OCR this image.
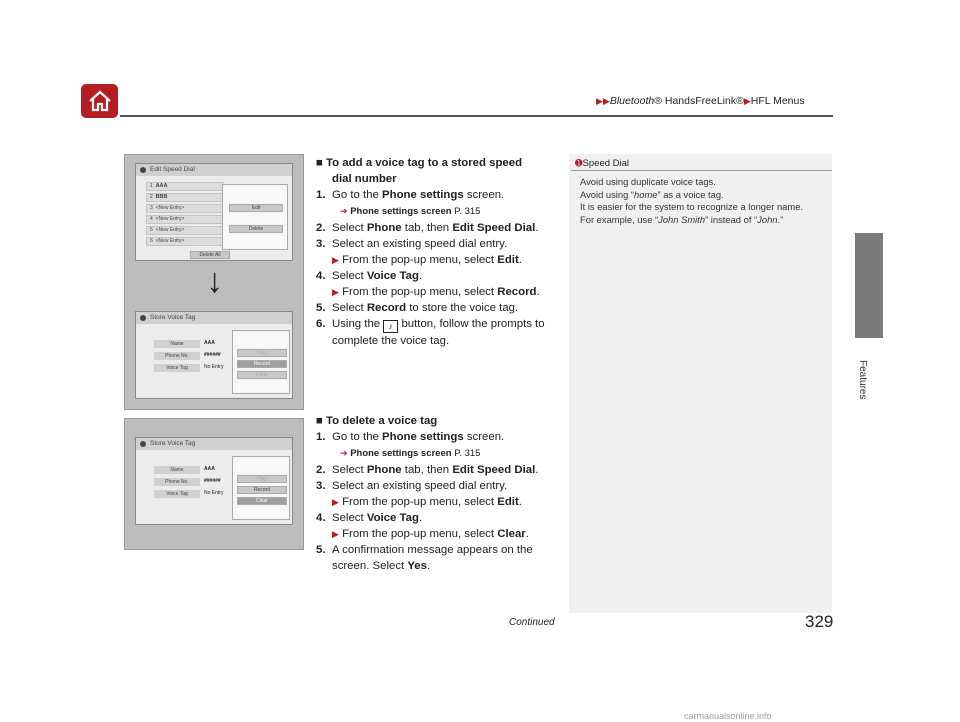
▶▶Bluetooth® HandsFreeLink®▶HFL Menus
Features
Edit Speed Dial
1 AAA
2 BBB
3 <New Entry>
4 <New Entry>
5 <New Entry>
6 <New Entry>
Edit
Delete
Delete All
Store Voice Tag
Name	AAA
Phone No.	######
Voice Tag	No Entry
Play
Record
Clear
↓
Store Voice Tag
Name	AAA
Phone No.	######
Voice Tag	No Entry
Play
Record
Clear
■ To add a voice tag to a stored speed
dial number
1. Go to the Phone settings screen.
➔ Phone settings screen P. 315
2. Select Phone tab, then Edit Speed Dial.
3. Select an existing speed dial entry.
▶ From the pop-up menu, select Edit.
4. Select Voice Tag.
▶ From the pop-up menu, select Record.
5. Select Record to store the voice tag.
6. Using the ♪ button, follow the prompts to
complete the voice tag.
■ To delete a voice tag
1. Go to the Phone settings screen.
➔ Phone settings screen P. 315
2. Select Phone tab, then Edit Speed Dial.
3. Select an existing speed dial entry.
▶ From the pop-up menu, select Edit.
4. Select Voice Tag.
▶ From the pop-up menu, select Clear.
5. A confirmation message appears on the
screen. Select Yes.
➊Speed Dial
Avoid using duplicate voice tags.
Avoid using “home” as a voice tag.
It is easier for the system to recognize a longer name.
For example, use “John Smith” instead of “John.”
Continued	329
carmanualsonline.info
